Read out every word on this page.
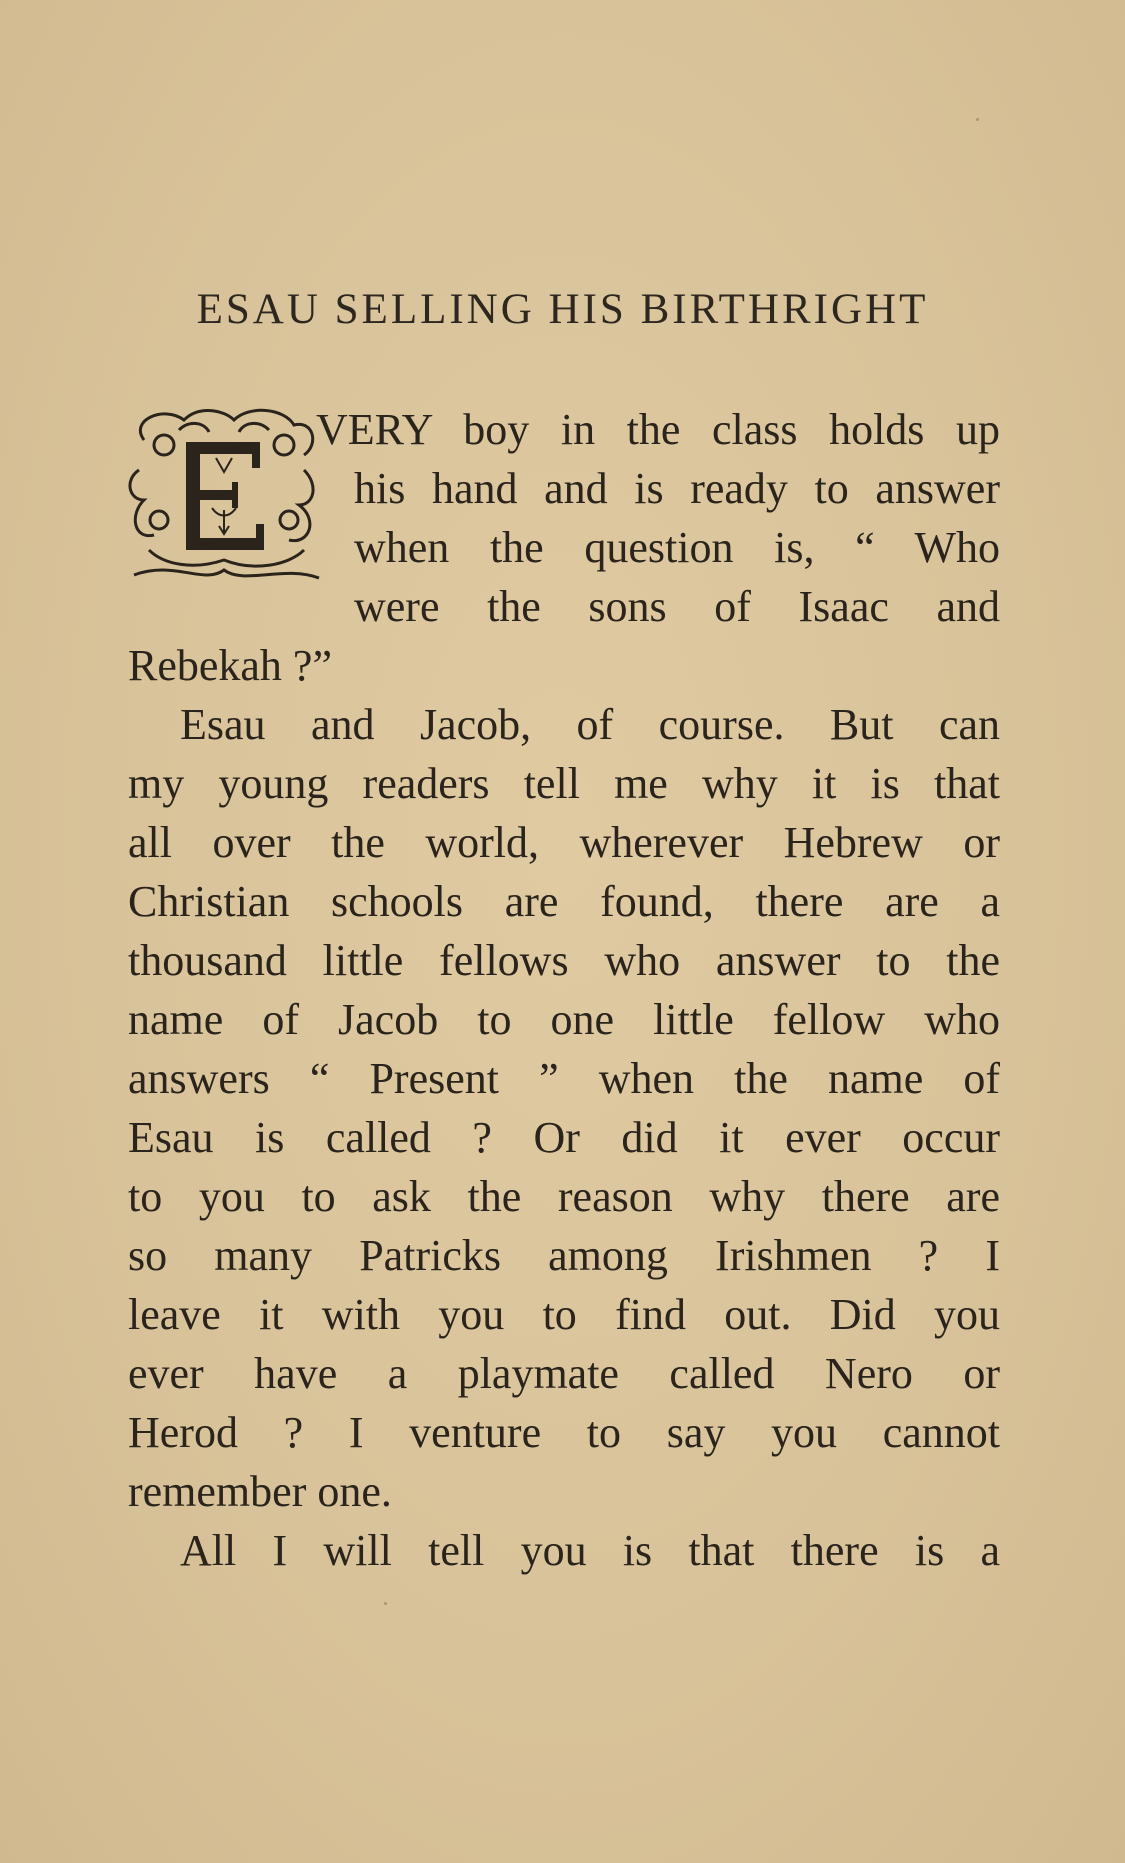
ESAU SELLING HIS BIRTHRIGHT
E
VERY boy in the class holds up
his hand and is ready to answer
when the question is, “ Who
were the sons of Isaac and
Rebekah ?”
Esau and Jacob, of course. But can
my young readers tell me why it is that
all over the world, wherever Hebrew or
Christian schools are found, there are a
thousand little fellows who answer to the
name of Jacob to one little fellow who
answers “ Present ” when the name of
Esau is called ? Or did it ever occur
to you to ask the reason why there are
so many Patricks among Irishmen ? I
leave it with you to find out. Did you
ever have a playmate called Nero or
Herod ? I venture to say you cannot
remember one.
All I will tell you is that there is a
